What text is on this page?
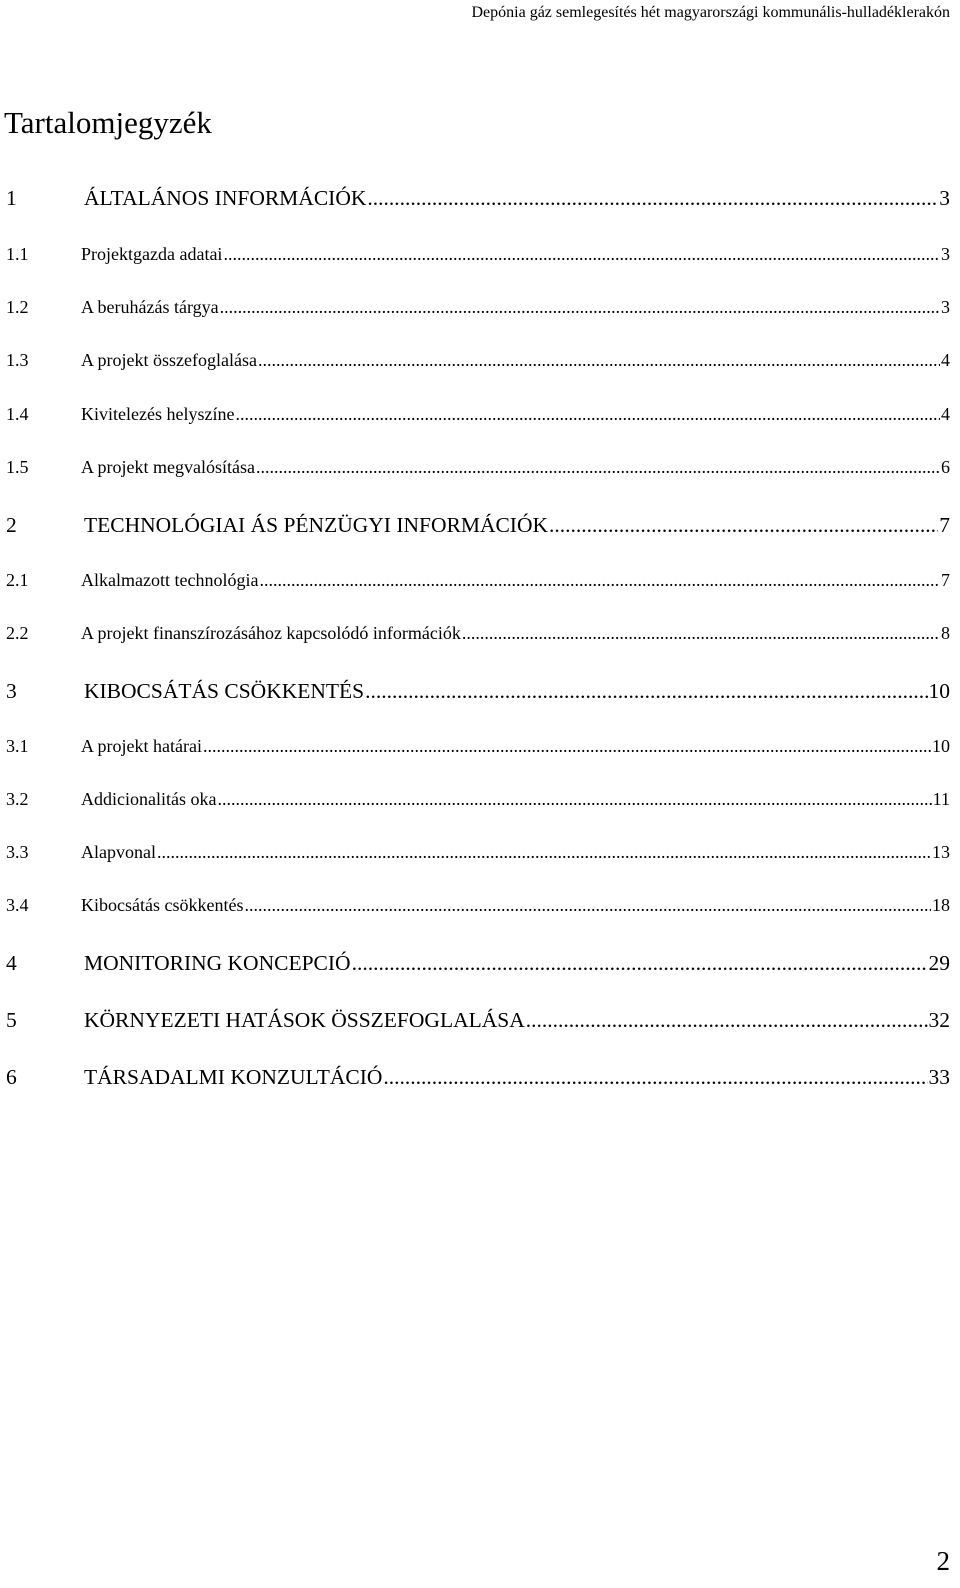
Depónia gáz semlegesítés hét magyarországi kommunális-hulladéklerakón
Tartalomjegyzék
1	ÁLTALÁNOS INFORMÁCIÓK .....	3
1.1	Projektgazda adatai .....	3
1.2	A beruházás tárgya .....	3
1.3	A projekt összefoglalása .....	4
1.4	Kivitelezés helyszíne .....	4
1.5	A projekt megvalósítása .....	6
2	TECHNOLÓGIAI ÁS PÉNZÜGYI INFORMÁCIÓK .....	7
2.1	Alkalmazott technológia .....	7
2.2	A projekt finanszírozásához kapcsolódó információk .....	8
3	KIBOCSÁTÁS CSÖKKENTÉS .....	10
3.1	A projekt határai .....	10
3.2	Addicionalitás oka .....	11
3.3	Alapvonal .....	13
3.4	Kibocsátás csökkentés .....	18
4	MONITORING KONCEPCIÓ .....	29
5	KÖRNYEZETI HATÁSOK ÖSSZEFOGLALÁSA .....	32
6	TÁRSADALMI KONZULTÁCIÓ .....	33
2
